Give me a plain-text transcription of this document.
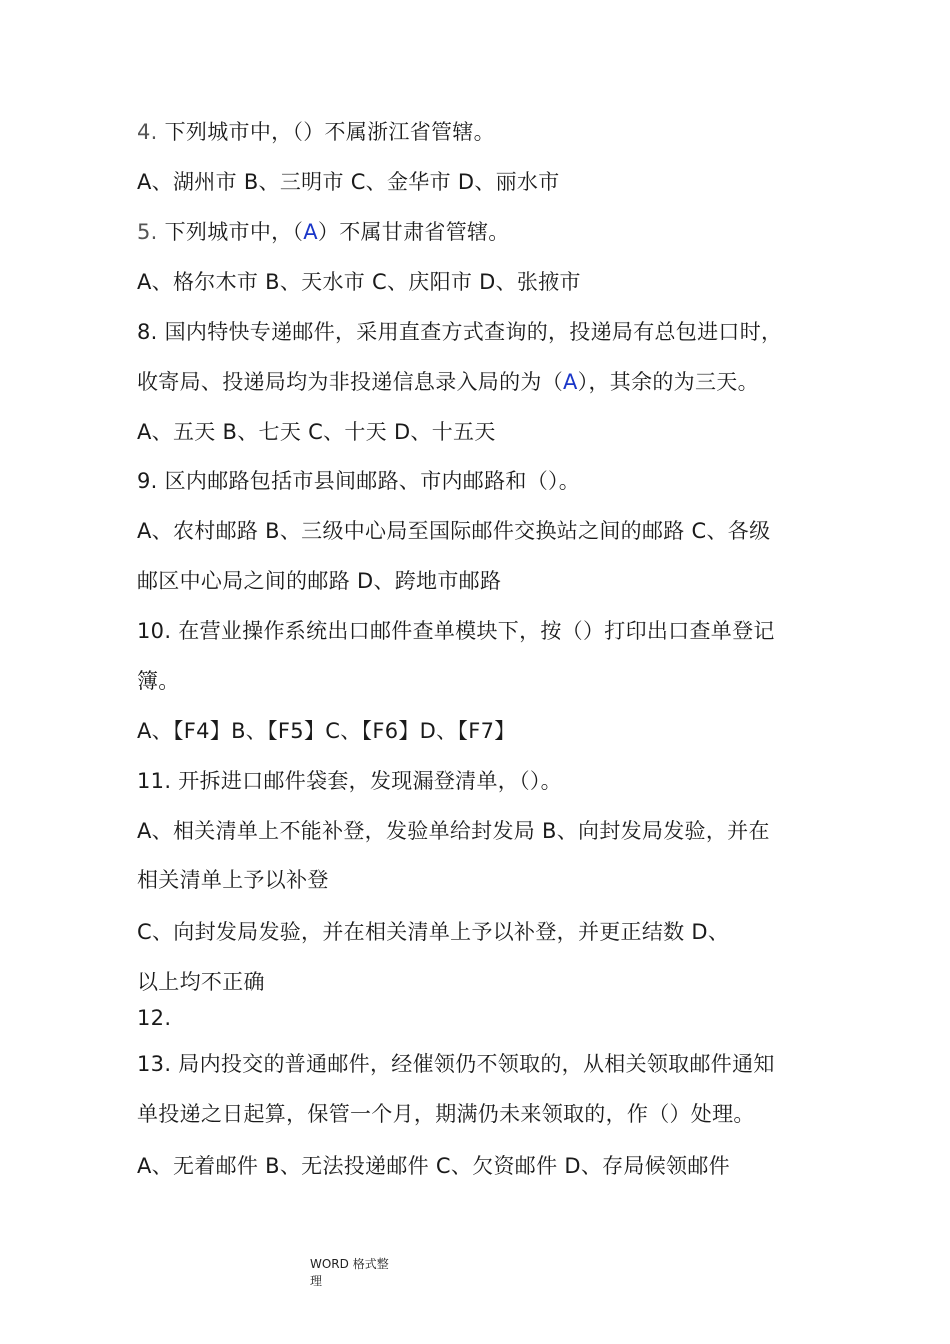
4. 下列城市中，（）不属浙江省管辖。
A、湖州市 B、三明市 C、金华市 D、丽水市
5. 下列城市中，（A）不属甘肃省管辖。
A、格尔木市 B、天水市 C、庆阳市 D、张掖市
8. 国内特快专递邮件，采用直查方式查询的，投递局有总包进口时，
收寄局、投递局均为非投递信息录入局的为（A），其余的为三天。
A、五天 B、七天 C、十天 D、十五天
9. 区内邮路包括市县间邮路、市内邮路和（）。
A、农村邮路 B、三级中心局至国际邮件交换站之间的邮路 C、各级
邮区中心局之间的邮路 D、跨地市邮路
10. 在营业操作系统出口邮件查单模块下，按（）打印出口查单登记
簿。
A、【F4】B、【F5】C、【F6】D、【F7】
11. 开拆进口邮件袋套，发现漏登清单，（）。
A、相关清单上不能补登，发验单给封发局 B、向封发局发验，并在
相关清单上予以补登
C、向封发局发验，并在相关清单上予以补登，并更正结数 D、
以上均不正确
12.
13. 局内投交的普通邮件，经催领仍不领取的，从相关领取邮件通知
单投递之日起算，保管一个月，期满仍未来领取的，作（）处理。
A、无着邮件 B、无法投递邮件 C、欠资邮件 D、存局候领邮件
WORD 格式整
理
